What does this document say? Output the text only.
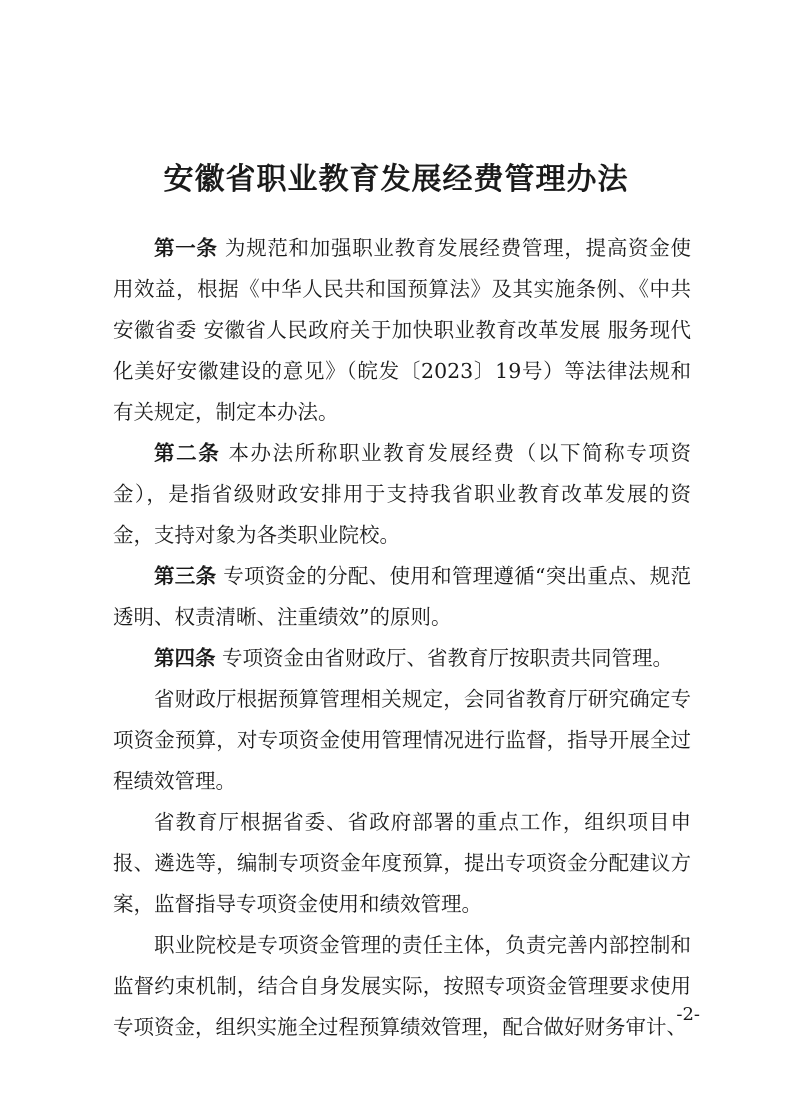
安徽省职业教育发展经费管理办法

第一条 为规范和加强职业教育发展经费管理，提高资金使用效益，根据《中华人民共和国预算法》及其实施条例、《中共安徽省委 安徽省人民政府关于加快职业教育改革发展 服务现代化美好安徽建设的意见》（皖发〔2023〕19号）等法律法规和有关规定，制定本办法。

第二条 本办法所称职业教育发展经费（以下简称专项资金），是指省级财政安排用于支持我省职业教育改革发展的资金，支持对象为各类职业院校。

第三条 专项资金的分配、使用和管理遵循“突出重点、规范透明、权责清晰、注重绩效”的原则。

第四条 专项资金由省财政厅、省教育厅按职责共同管理。

省财政厅根据预算管理相关规定，会同省教育厅研究确定专项资金预算，对专项资金使用管理情况进行监督，指导开展全过程绩效管理。

省教育厅根据省委、省政府部署的重点工作，组织项目申报、遴选等，编制专项资金年度预算，提出专项资金分配建议方案，监督指导专项资金使用和绩效管理。

职业院校是专项资金管理的责任主体，负责完善内部控制和监督约束机制，结合自身发展实际，按照专项资金管理要求使用专项资金，组织实施全过程预算绩效管理，配合做好财务审计、

-2-
